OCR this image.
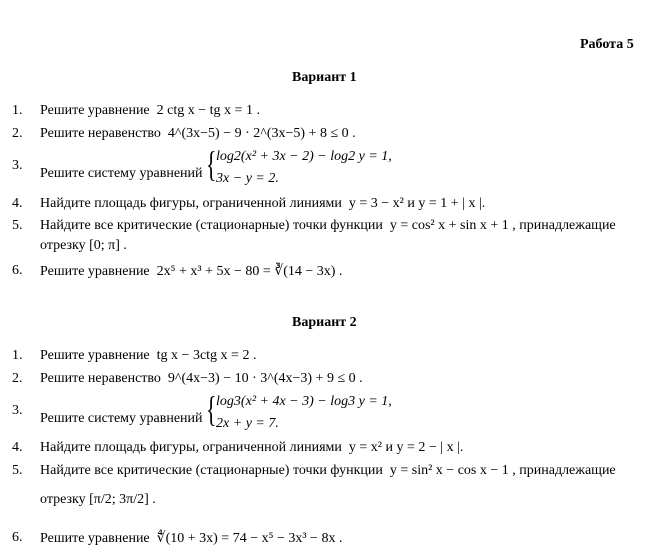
Работа 5
Вариант 1
1. Решите уравнение 2 ctg x − tg x = 1 .
2. Решите неравенство 4^(3x−5) − 9 · 2^(3x−5) + 8 ≤ 0 .
3.
Решите систему уравнений { log2(x² + 3x − 2) − log2 y = 1,
3x − y = 2.
4. Найдите площадь фигуры, ограниченной линиями y = 3 − x² и y = 1 + | x |.
5. Найдите все критические (стационарные) точки функции y = cos² x + sin x + 1 , принадлежащие
отрезку [0; π] .
6. Решите уравнение 2x⁵ + x³ + 5x − 80 = ∛(14 − 3x) .
Вариант 2
1. Решите уравнение tg x − 3ctg x = 2 .
2. Решите неравенство 9^(4x−3) − 10 · 3^(4x−3) + 9 ≤ 0 .
3.
Решите систему уравнений { log3(x² + 4x − 3) − log3 y = 1,
2x + y = 7.
4. Найдите площадь фигуры, ограниченной линиями y = x² и y = 2 − | x |.
5. Найдите все критические (стационарные) точки функции y = sin² x − cos x − 1 , принадлежащие
отрезку [π/2; 3π/2] .
6. Решите уравнение ∜(10 + 3x) = 74 − x⁵ − 3x³ − 8x .
